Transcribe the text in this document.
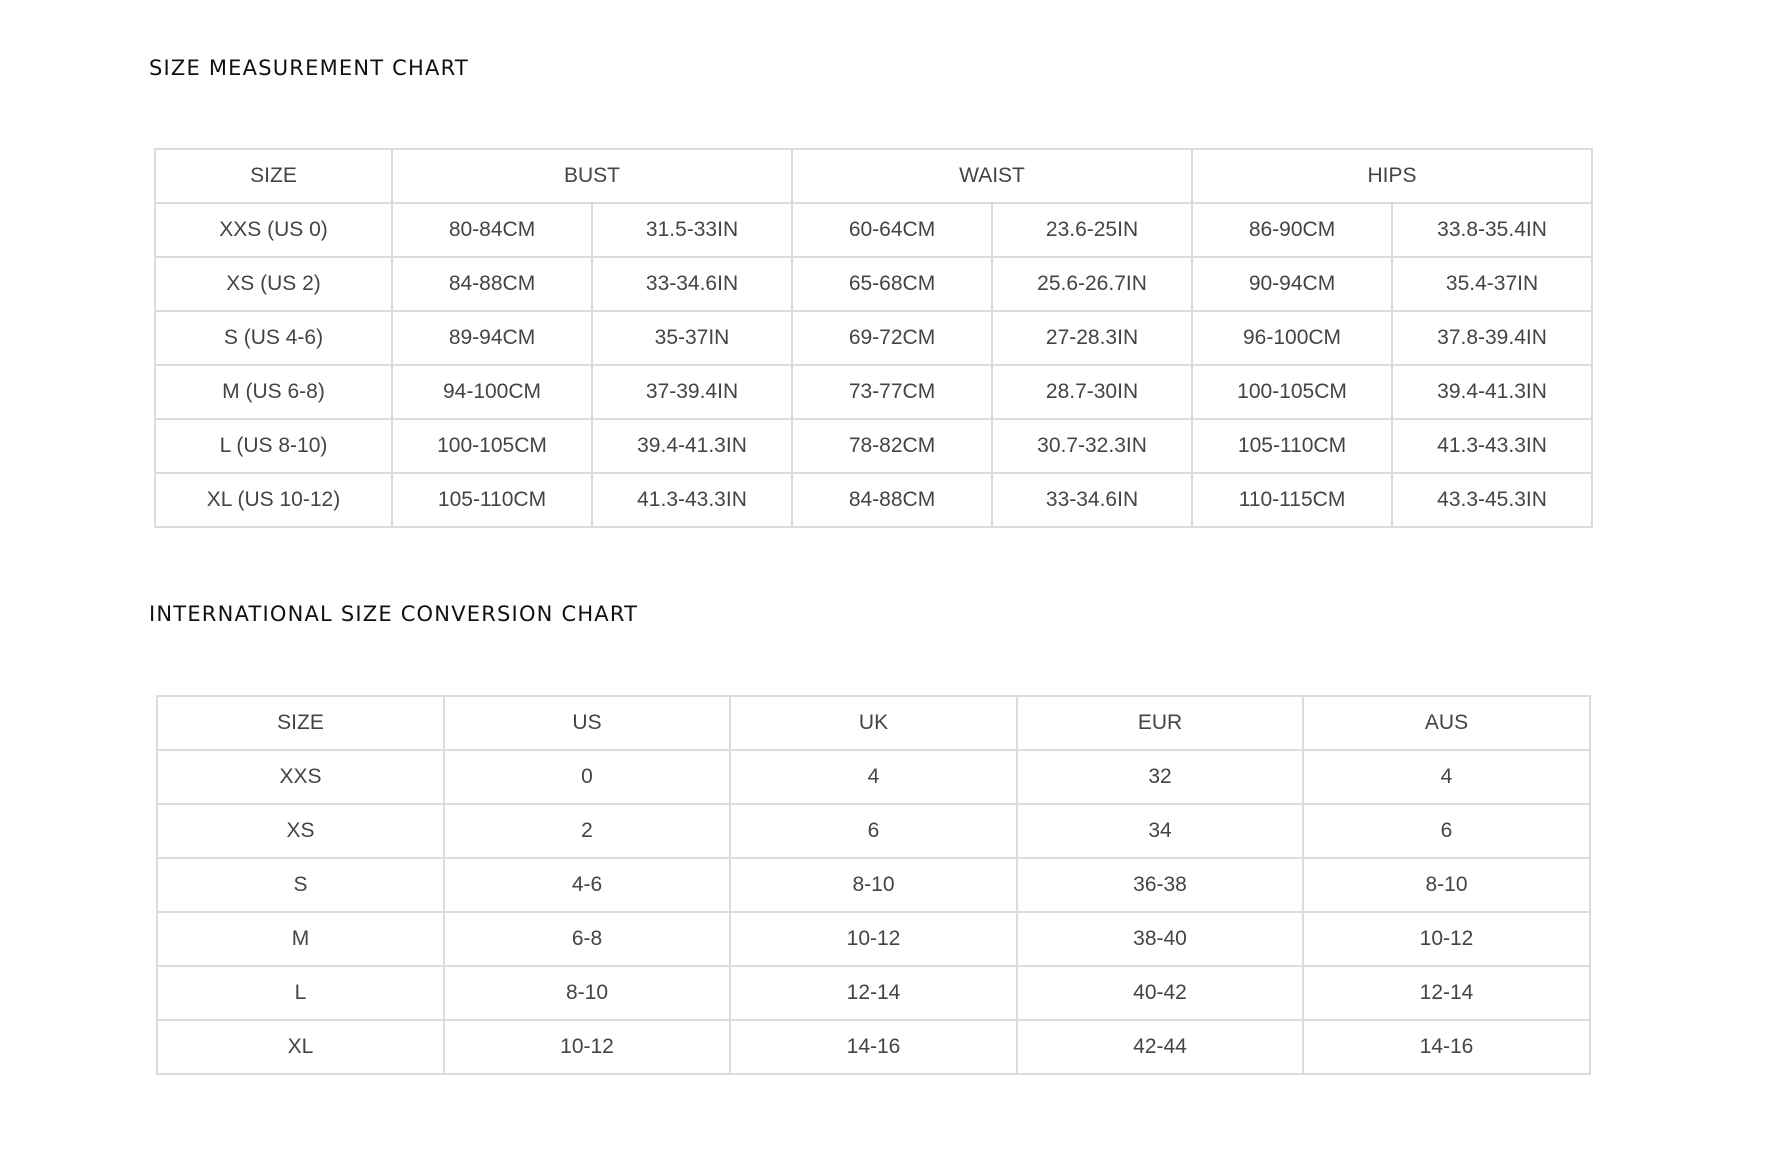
SIZE MEASUREMENT CHART
SIZE	BUST		WAIST		HIPS	
XXS (US 0)	80-84CM	31.5-33IN	60-64CM	23.6-25IN	86-90CM	33.8-35.4IN
XS (US 2)	84-88CM	33-34.6IN	65-68CM	25.6-26.7IN	90-94CM	35.4-37IN
S (US 4-6)	89-94CM	35-37IN	69-72CM	27-28.3IN	96-100CM	37.8-39.4IN
M (US 6-8)	94-100CM	37-39.4IN	73-77CM	28.7-30IN	100-105CM	39.4-41.3IN
L (US 8-10)	100-105CM	39.4-41.3IN	78-82CM	30.7-32.3IN	105-110CM	41.3-43.3IN
XL (US 10-12)	105-110CM	41.3-43.3IN	84-88CM	33-34.6IN	110-115CM	43.3-45.3IN
INTERNATIONAL SIZE CONVERSION CHART
SIZE	US	UK	EUR	AUS
XXS	0	4	32	4
XS	2	6	34	6
S	4-6	8-10	36-38	8-10
M	6-8	10-12	38-40	10-12
L	8-10	12-14	40-42	12-14
XL	10-12	14-16	42-44	14-16
